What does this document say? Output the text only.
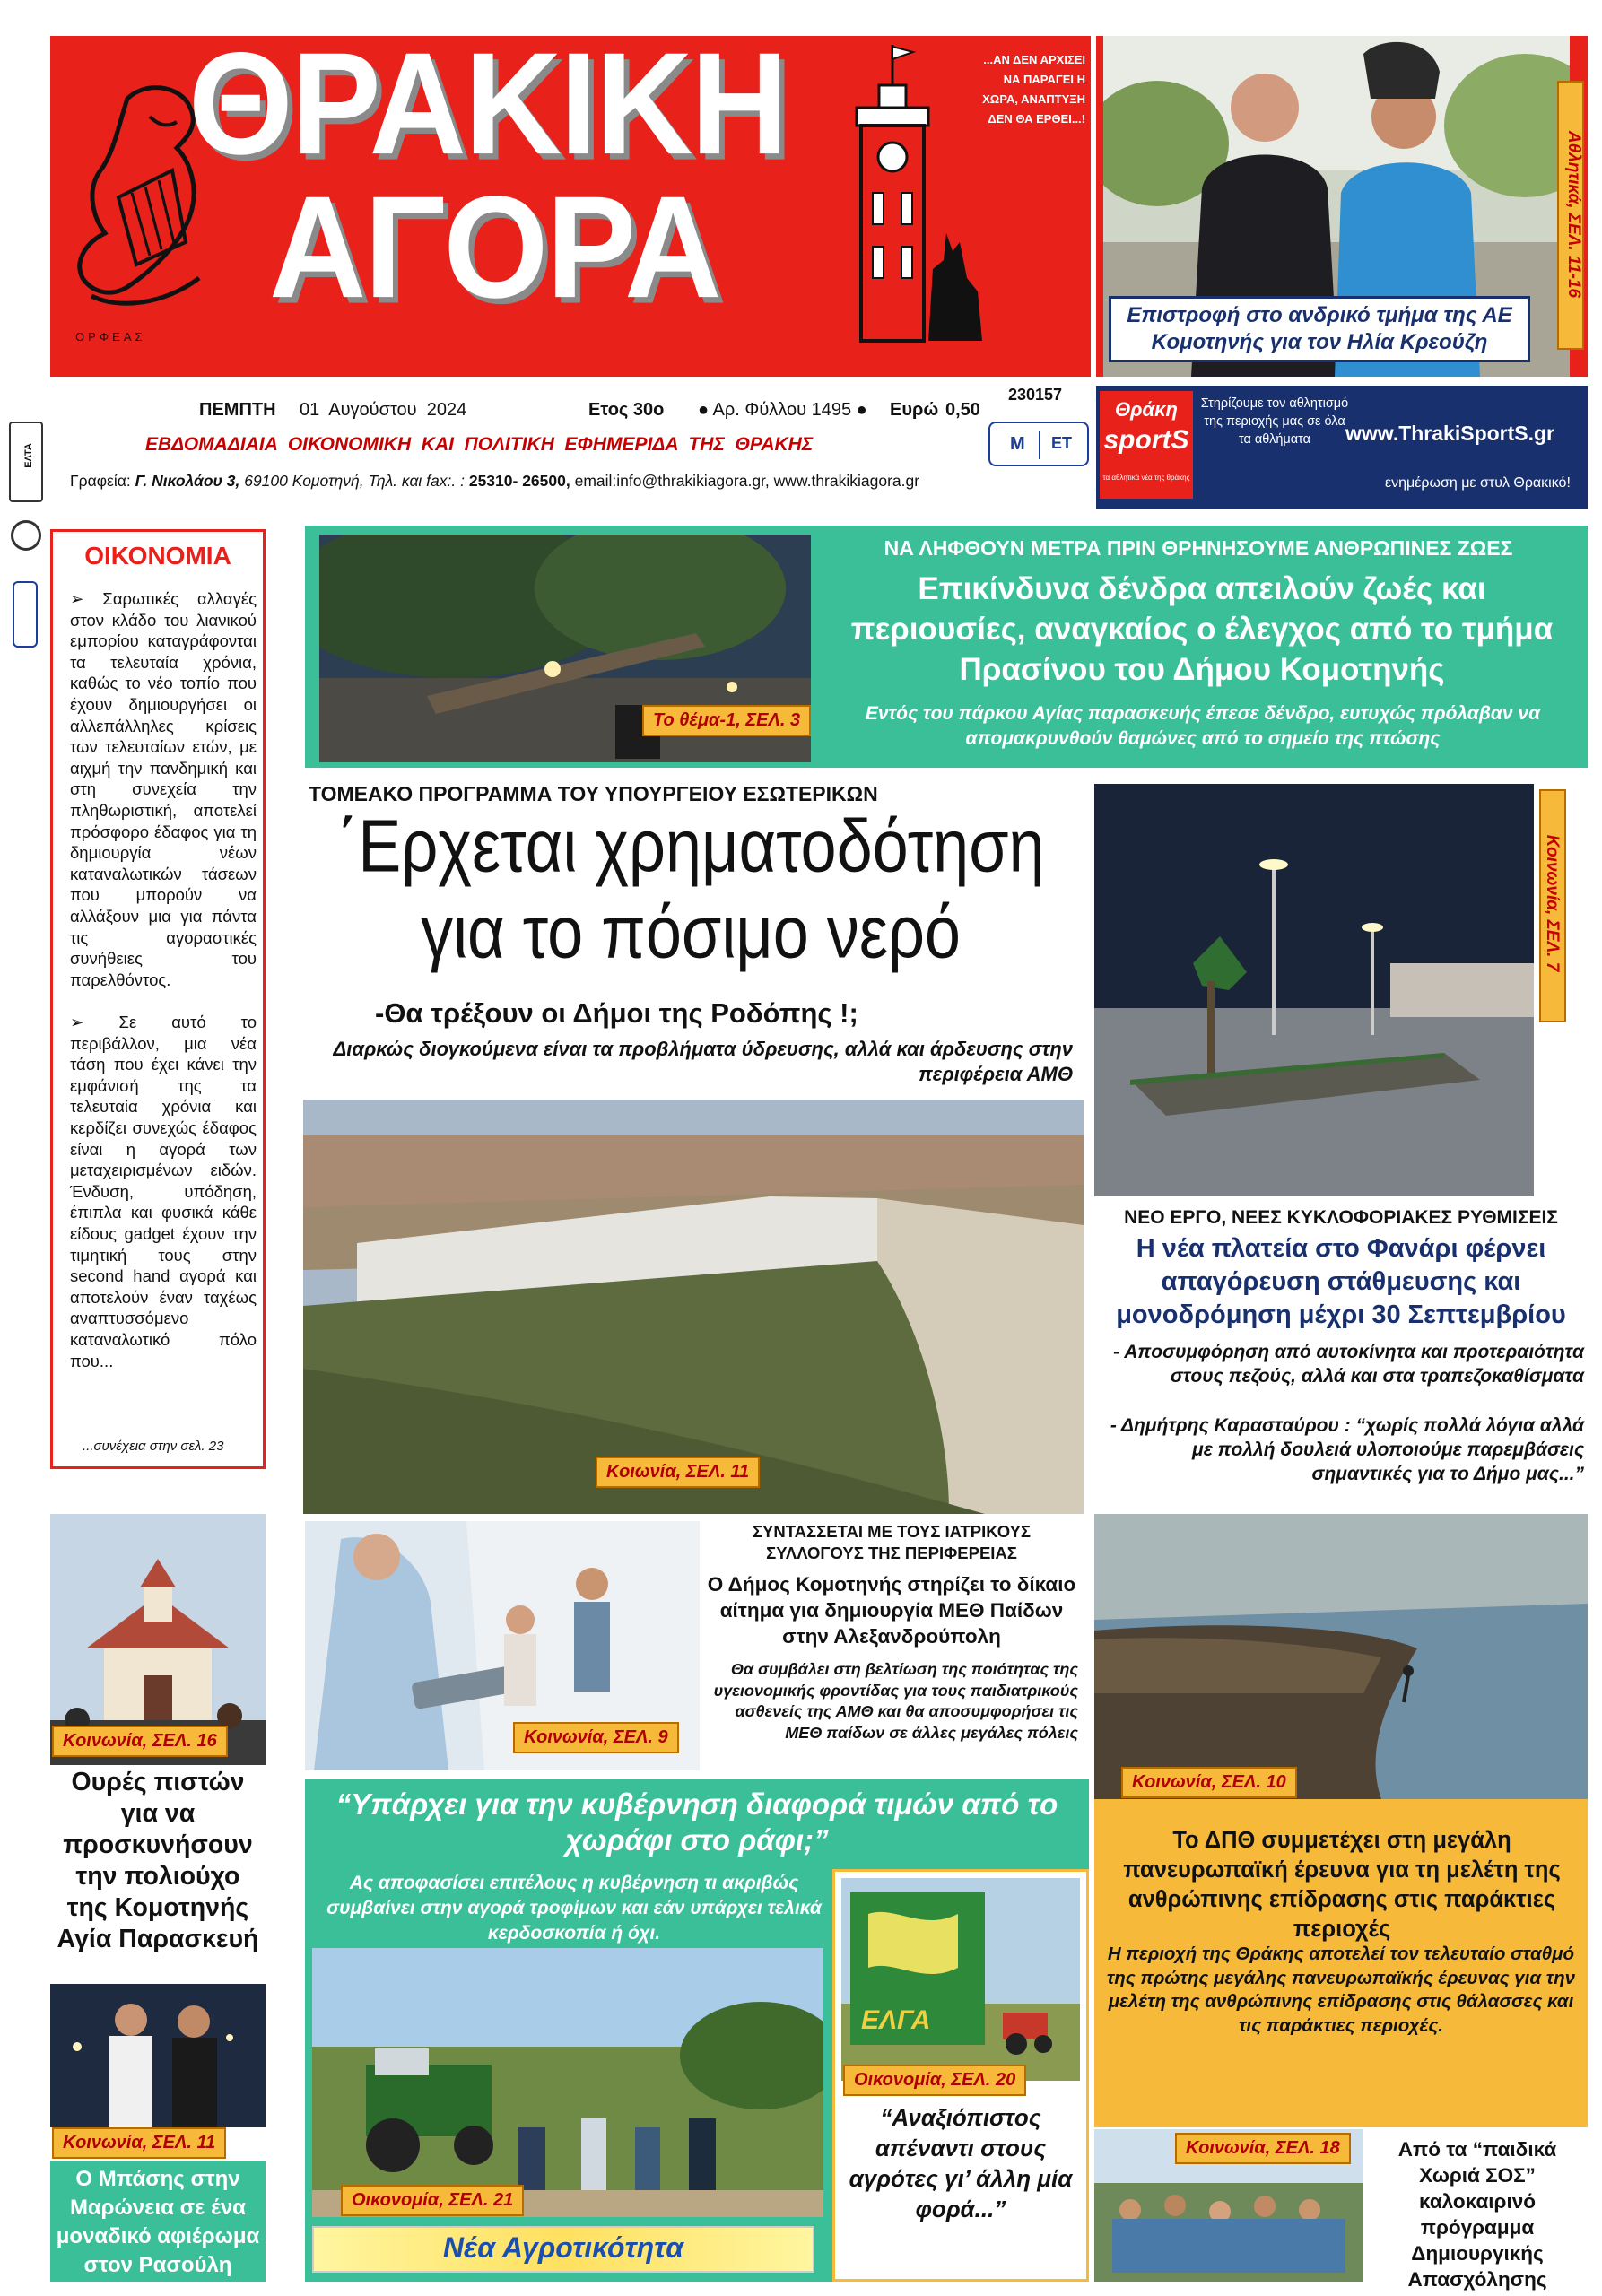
ΟΡΦΕΑΣ
ΘΡΑΚΙΚΗ
ΑΓΟΡΑ
...ΑΝ ΔΕΝ ΑΡΧΙΣΕΙ ΝΑ ΠΑΡΑΓΕΙ Η ΧΩΡΑ, ΑΝΑΠΤΥΞΗ ΔΕΝ ΘΑ ΕΡΘΕΙ...!
ΠΕΜΠΤΗ 01  Αυγούστου  2024	Ετος 30ο ● Αρ. Φύλλου 1495 ● Ευρώ 0,50
230157
ΕΒΔΟΜΑΔΙΑΙΑ  ΟΙΚΟΝΟΜΙΚΗ  ΚΑΙ  ΠΟΛΙΤΙΚΗ  ΕΦΗΜΕΡΙΔΑ  ΤΗΣ  ΘΡΑΚΗΣ	Μ ΕΤ
Γραφεία: Γ. Νικολάου 3, 69100 Κομοτηνή, Τηλ. και fax:. : 25310- 26500, email:info@thrakikiagora.gr, www.thrakikiagora.gr
ΕΛΤΑ
Αθλητικά, ΣΕΛ. 11-16
Επιστροφή στο ανδρικό τμήμα της ΑΕ Κομοτηνής για τον Ηλία Κρεούζη
Θράκη
sportS
τα αθλητικά νέα της θράκης
Στηρίζουμε τον αθλητισμό της περιοχής μας σε όλα τα αθλήματα	www.ThrakiSportS.gr
ενημέρωση με στυλ Θρακικό!
ΟΙΚΟΝΟΜΙΑ
➢ Σαρωτικές αλλαγές στον κλάδο του λιανικού εμπορίου καταγράφονται τα τελευταία χρόνια, καθώς το νέο τοπίο που έχουν δημιουργήσει οι αλλεπάλληλες κρίσεις των τελευταίων ετών, με αιχμή την πανδημική και στη συνεχεία την πληθωριστική, αποτελεί πρόσφορο έδαφος για τη δημιουργία νέων καταναλωτικών τάσεων που μπορούν να αλλάξουν μια για πάντα τις αγοραστικές συνήθειες του παρελθόντος.
➢ Σε αυτό το περιβάλλον, μια νέα τάση που έχει κάνει την εμφάνισή της τα τελευταία χρόνια και κερδίζει συνεχώς έδαφος είναι η αγορά των μεταχειρισμένων ειδών. Ένδυση, υπόδηση, έπιπλα και φυσικά κάθε είδους gadget έχουν την τιμητική τους στην second hand αγορά και αποτελούν έναν ταχέως αναπτυσσόμενο καταναλωτικό πόλο που...
...συνέχεια στην σελ. 23
Το θέμα-1, ΣΕΛ. 3
ΝΑ ΛΗΦΘΟΥΝ ΜΕΤΡΑ ΠΡΙΝ ΘΡΗΝΗΣΟΥΜΕ ΑΝΘΡΩΠΙΝΕΣ ΖΩΕΣ
Επικίνδυνα δένδρα απειλούν ζωές και περιουσίες, αναγκαίος ο έλεγχος από το τμήμα Πρασίνου του Δήμου Κομοτηνής
Εντός του πάρκου Αγίας παρασκευής έπεσε δένδρο, ευτυχώς πρόλαβαν να απομακρυνθούν θαμώνες από το σημείο της πτώσης
ΤΟΜΕΑΚΟ ΠΡΟΓΡΑΜΜΑ ΤΟΥ ΥΠΟΥΡΓΕΙΟΥ ΕΣΩΤΕΡΙΚΩΝ
΄Ερχεται χρηματοδότηση
για το πόσιμο νερό
-Θα τρέξουν οι Δήμοι της Ροδόπης !;
Διαρκώς διογκούμενα είναι τα προβλήματα ύδρευσης, αλλά και άρδευσης στην περιφέρεια ΑΜΘ
Κοιωνία, ΣΕΛ. 11
Κοινωνία, ΣΕΛ. 7
ΝΕΟ ΕΡΓΟ, ΝΕΕΣ ΚΥΚΛΟΦΟΡΙΑΚΕΣ ΡΥΘΜΙΣΕΙΣ
Η νέα πλατεία στο Φανάρι φέρνει απαγόρευση στάθμευσης και μονοδρόμηση μέχρι 30 Σεπτεμβρίου
- Αποσυμφόρηση από αυτοκίνητα και προτεραιότητα στους πεζούς, αλλά και στα τραπεζοκαθίσματα
- Δημήτρης Καρασταύρου : “χωρίς πολλά λόγια αλλά με πολλή δουλειά υλοποιούμε παρεμβάσεις σημαντικές για το Δήμο μας...”
Κοινωνία, ΣΕΛ. 16
Ουρές πιστών για να προσκυνήσουν την πολιούχο της Κομοτηνής Αγία Παρασκευή
Κοινωνία, ΣΕΛ. 9
ΣΥΝΤΑΣΣΕΤΑΙ ΜΕ ΤΟΥΣ ΙΑΤΡΙΚΟΥΣ ΣΥΛΛΟΓΟΥΣ ΤΗΣ ΠΕΡΙΦΕΡΕΙΑΣ
Ο Δήμος Κομοτηνής στηρίζει το δίκαιο αίτημα για δημιουργία ΜΕΘ Παίδων στην Αλεξανδρούπολη
Θα συμβάλει στη βελτίωση της ποιότητας της υγειονομικής φροντίδας για τους παιδιατρικούς ασθενείς της ΑΜΘ και θα αποσυμφορήσει τις ΜΕΘ παίδων σε άλλες μεγάλες πόλεις
Κοινωνία, ΣΕΛ. 10
Το ΔΠΘ συμμετέχει στη μεγάλη πανευρωπαϊκή έρευνα για τη μελέτη της ανθρώπινης επίδρασης στις παράκτιες περιοχές
Η περιοχή της Θράκης αποτελεί τον τελευταίο σταθμό της πρώτης μεγάλης πανευρωπαϊκής έρευνας για την μελέτη της ανθρώπινης επίδρασης στις θάλασσες και τις παράκτιες περιοχές.
“Υπάρχει για την κυβέρνηση διαφορά τιμών από το χωράφι στο ράφι;”
Ας αποφασίσει επιτέλους η κυβέρνηση τι ακριβώς συμβαίνει στην αγορά τροφίμων και εάν υπάρχει τελικά κερδοσκοπία ή όχι.
Οικονομία, ΣΕΛ. 21
Νέα Αγροτικότητα
ΕΛΓΑ
Οικονομία, ΣΕΛ. 20
“Αναξιόπιστος απέναντι στους αγρότες γι’ άλλη μία φορά...”
Κοινωνία, ΣΕΛ. 11
Ο Μπάσης στην Μαρώνεια σε ένα μοναδικό αφιέρωμα στον Ρασούλη
Κοινωνία, ΣΕΛ. 18	Από τα “παιδικά Χωριά ΣΟΣ” καλοκαιρινό πρόγραμμα Δημιουργικής Απασχόλησης
